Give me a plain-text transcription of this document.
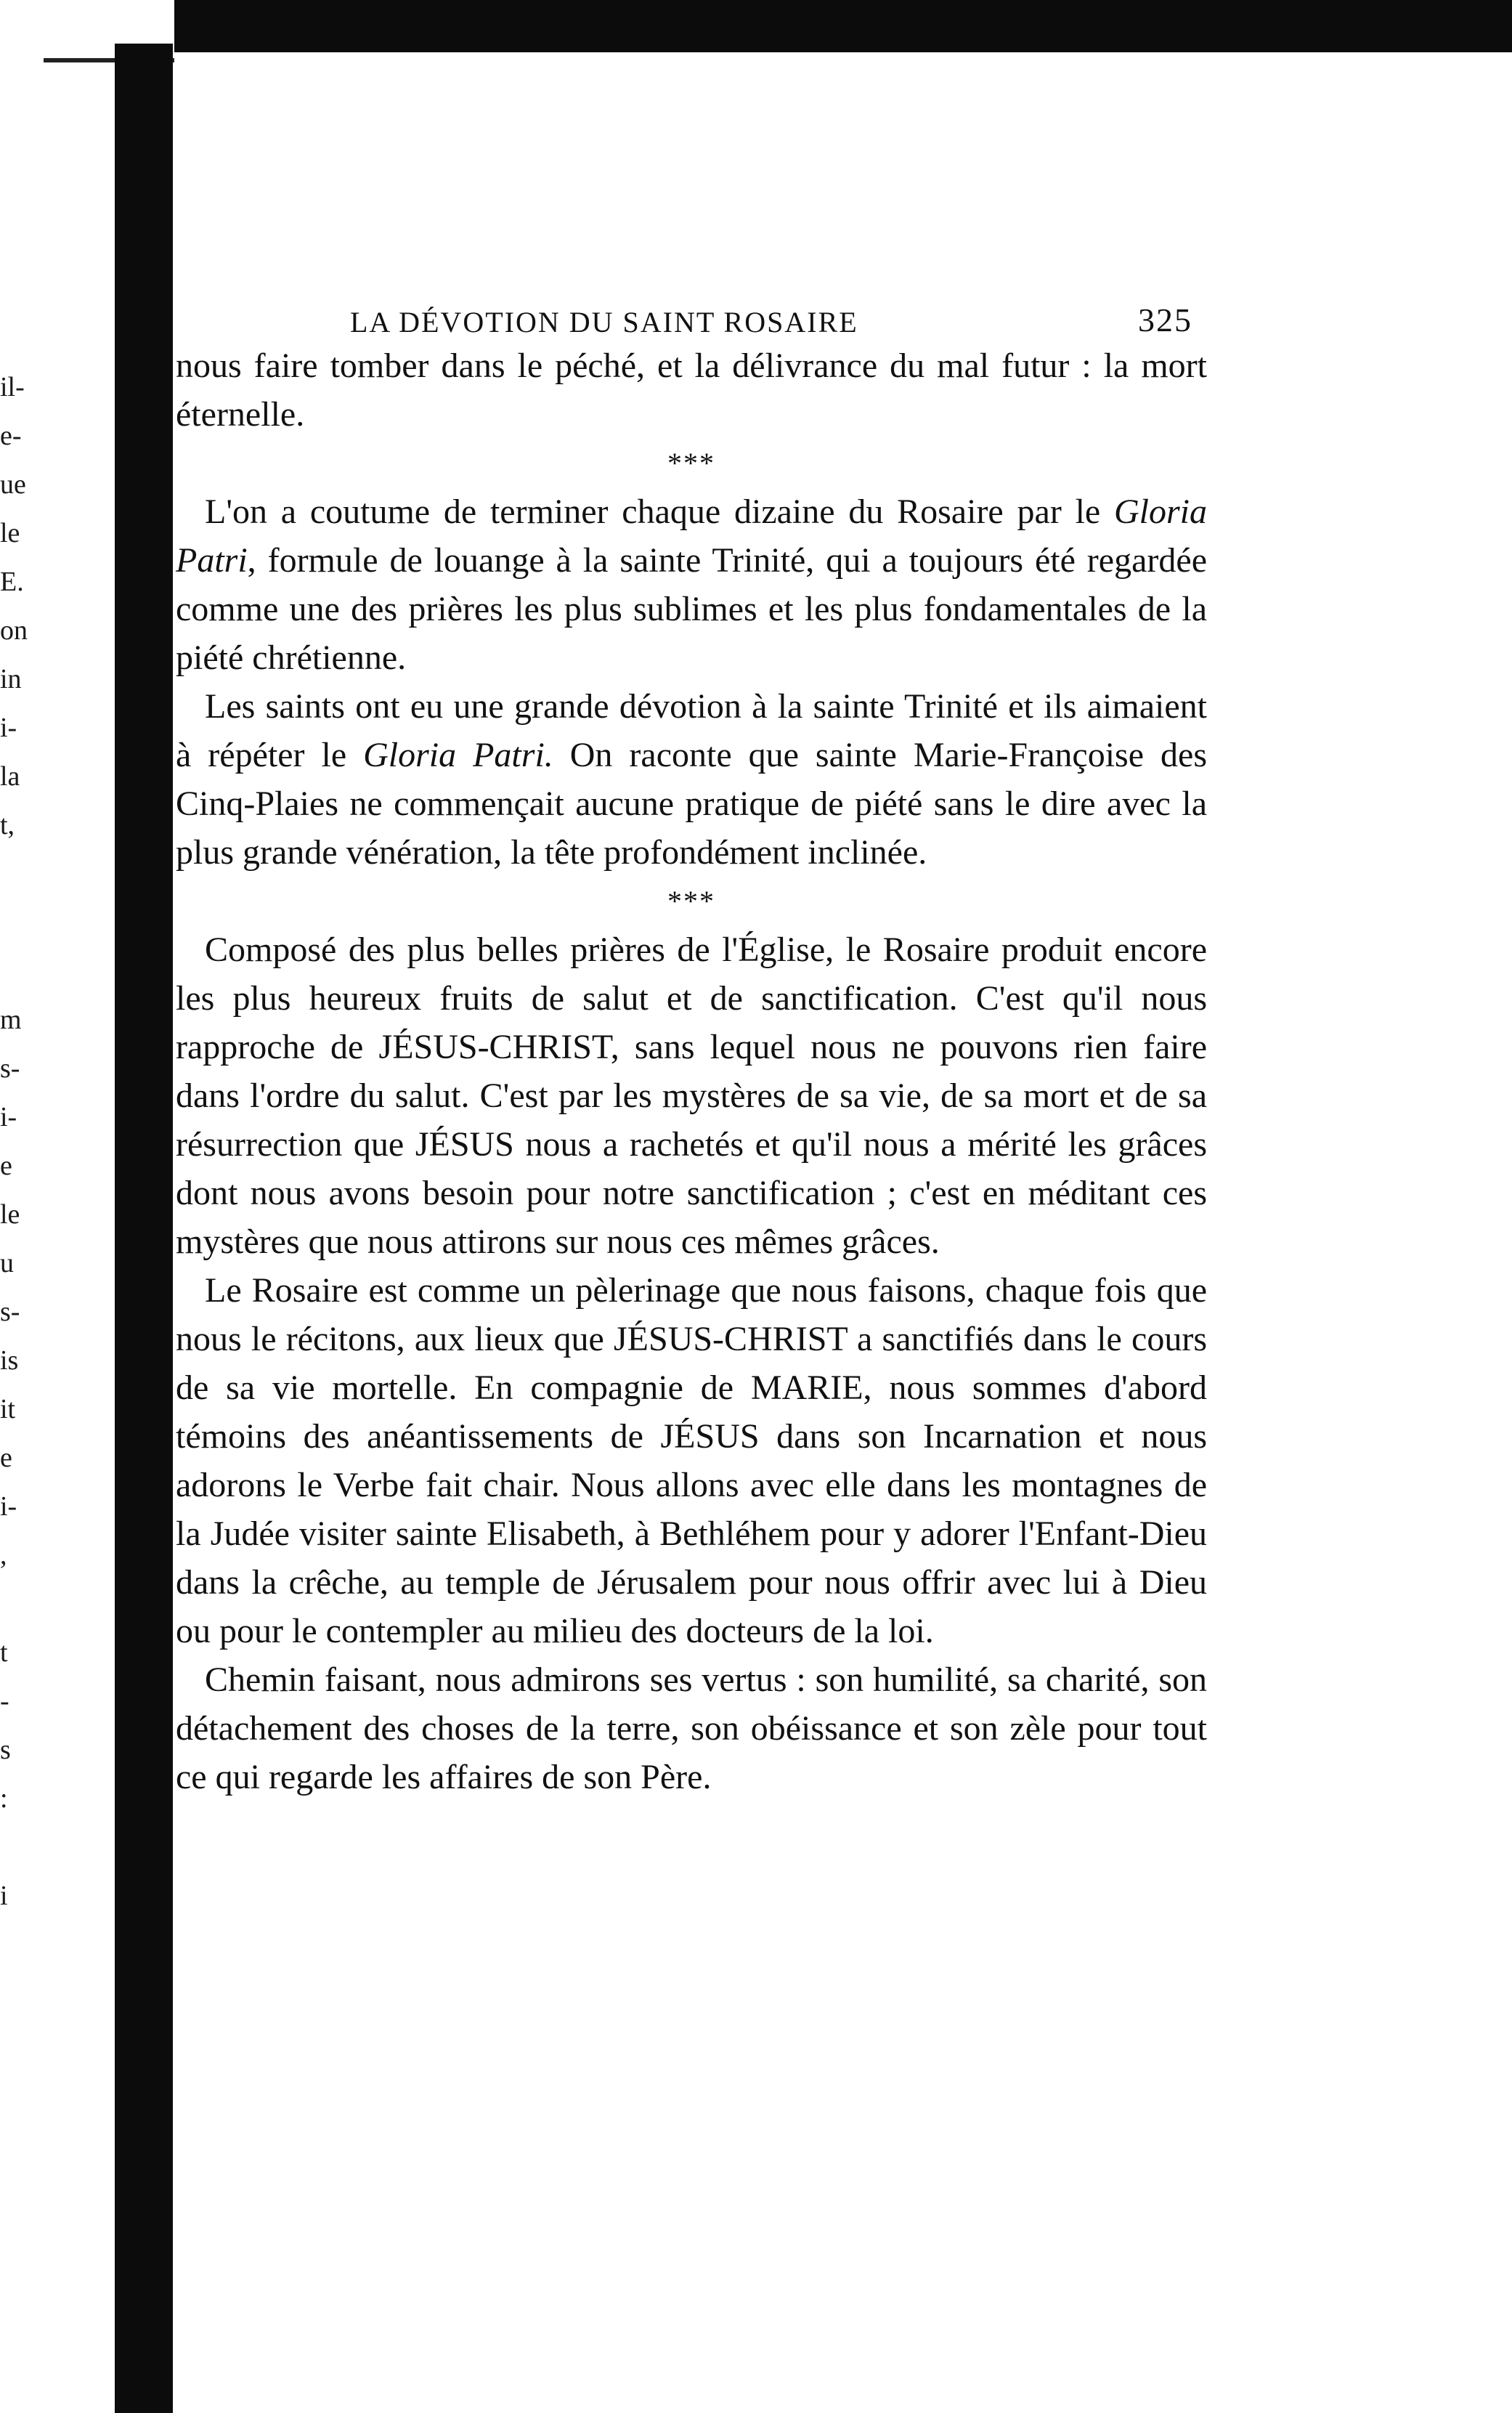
il-
e-
ue
le
E.
on
in
i-
la
t,

m
s-
i-
e
le
u
s-
is
it
e
i-
,

t
-
s
:

i
LA DÉVOTION DU SAINT ROSAIRE	325

nous faire tomber dans le péché, et la délivrance du mal futur : la mort éternelle.

***

L'on a coutume de terminer chaque dizaine du Rosaire par le Gloria Patri, formule de louange à la sainte Trinité, qui a toujours été regardée comme une des prières les plus sublimes et les plus fondamentales de la piété chrétienne.

Les saints ont eu une grande dévotion à la sainte Trinité et ils aimaient à répéter le Gloria Patri. On raconte que sainte Marie-Françoise des Cinq-Plaies ne commençait aucune pratique de piété sans le dire avec la plus grande vénération, la tête profondément inclinée.

***

Composé des plus belles prières de l'Église, le Rosaire produit encore les plus heureux fruits de salut et de sanctification. C'est qu'il nous rapproche de JÉSUS-CHRIST, sans lequel nous ne pouvons rien faire dans l'ordre du salut. C'est par les mystères de sa vie, de sa mort et de sa résurrection que JÉSUS nous a rachetés et qu'il nous a mérité les grâces dont nous avons besoin pour notre sanctification ; c'est en méditant ces mystères que nous attirons sur nous ces mêmes grâces.

Le Rosaire est comme un pèlerinage que nous faisons, chaque fois que nous le récitons, aux lieux que JÉSUS-CHRIST a sanctifiés dans le cours de sa vie mortelle. En compagnie de MARIE, nous sommes d'abord témoins des anéantissements de JÉSUS dans son Incarnation et nous adorons le Verbe fait chair. Nous allons avec elle dans les montagnes de la Judée visiter sainte Elisabeth, à Bethléhem pour y adorer l'Enfant-Dieu dans la crêche, au temple de Jérusalem pour nous offrir avec lui à Dieu ou pour le contempler au milieu des docteurs de la loi.

Chemin faisant, nous admirons ses vertus : son humilité, sa charité, son détachement des choses de la terre, son obéissance et son zèle pour tout ce qui regarde les affaires de son Père.
